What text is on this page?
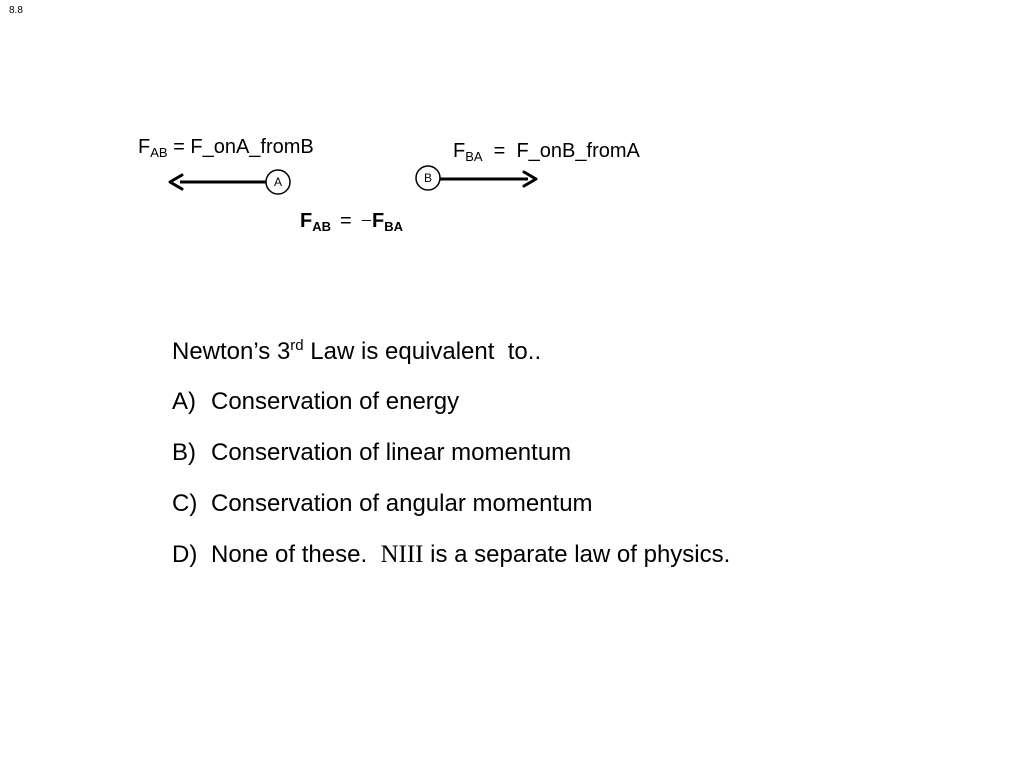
8.8
$F_{AB}$ = F_onA_fromB	$F_{BA}$  =  F_onB_fromA
A	B
$F_{AB} = -F_{BA}$
Newton’s 3rd Law is equivalent  to..
A) Conservation of energy
B) Conservation of linear momentum
C) Conservation of angular momentum
D) None of these.  NIII is a separate law of physics.
